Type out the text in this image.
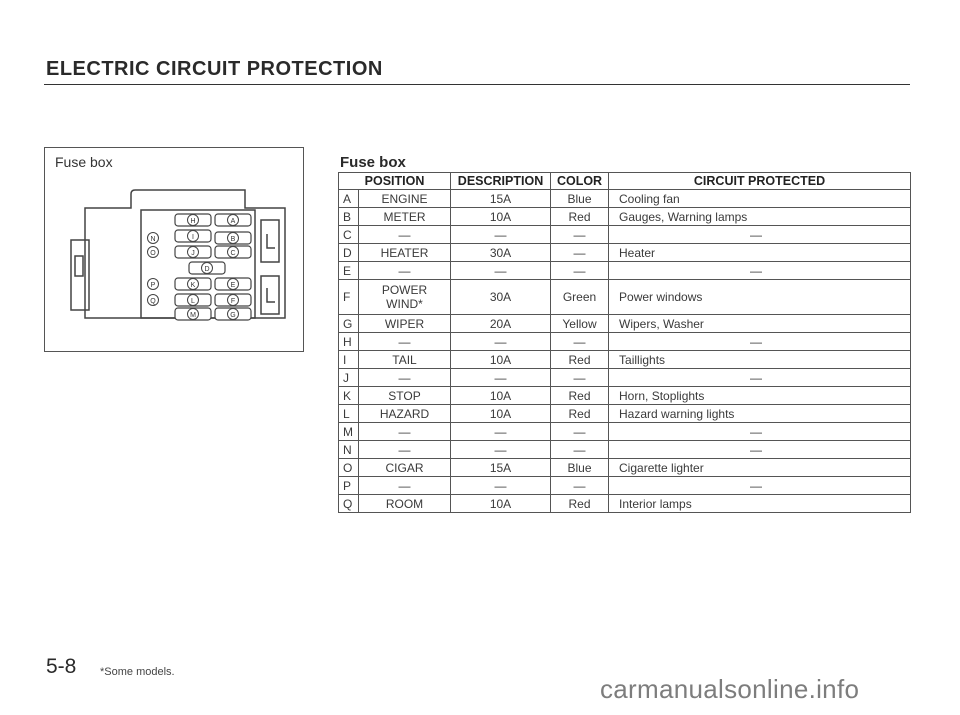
ELECTRIC CIRCUIT PROTECTION
Fuse box
H	A
N	I	B
O	J	C
D
P	K	E
Q	L	F
M	G
Fuse box
POSITION		DESCRIPTION	COLOR	CIRCUIT PROTECTED
A	ENGINE	15A	Blue	Cooling fan
B	METER	10A	Red	Gauges, Warning lamps
C	—	—	—	—
D	HEATER	30A	—	Heater
E	—	—	—	—
F	POWER WIND*	30A	Green	Power windows
G	WIPER	20A	Yellow	Wipers, Washer
H	—	—	—	—
I	TAIL	10A	Red	Taillights
J	—	—	—	—
K	STOP	10A	Red	Horn, Stoplights
L	HAZARD	10A	Red	Hazard warning lights
M	—	—	—	—
N	—	—	—	—
O	CIGAR	15A	Blue	Cigarette lighter
P	—	—	—	—
Q	ROOM	10A	Red	Interior lamps
5-8 *Some models.
carmanualsonline.info
